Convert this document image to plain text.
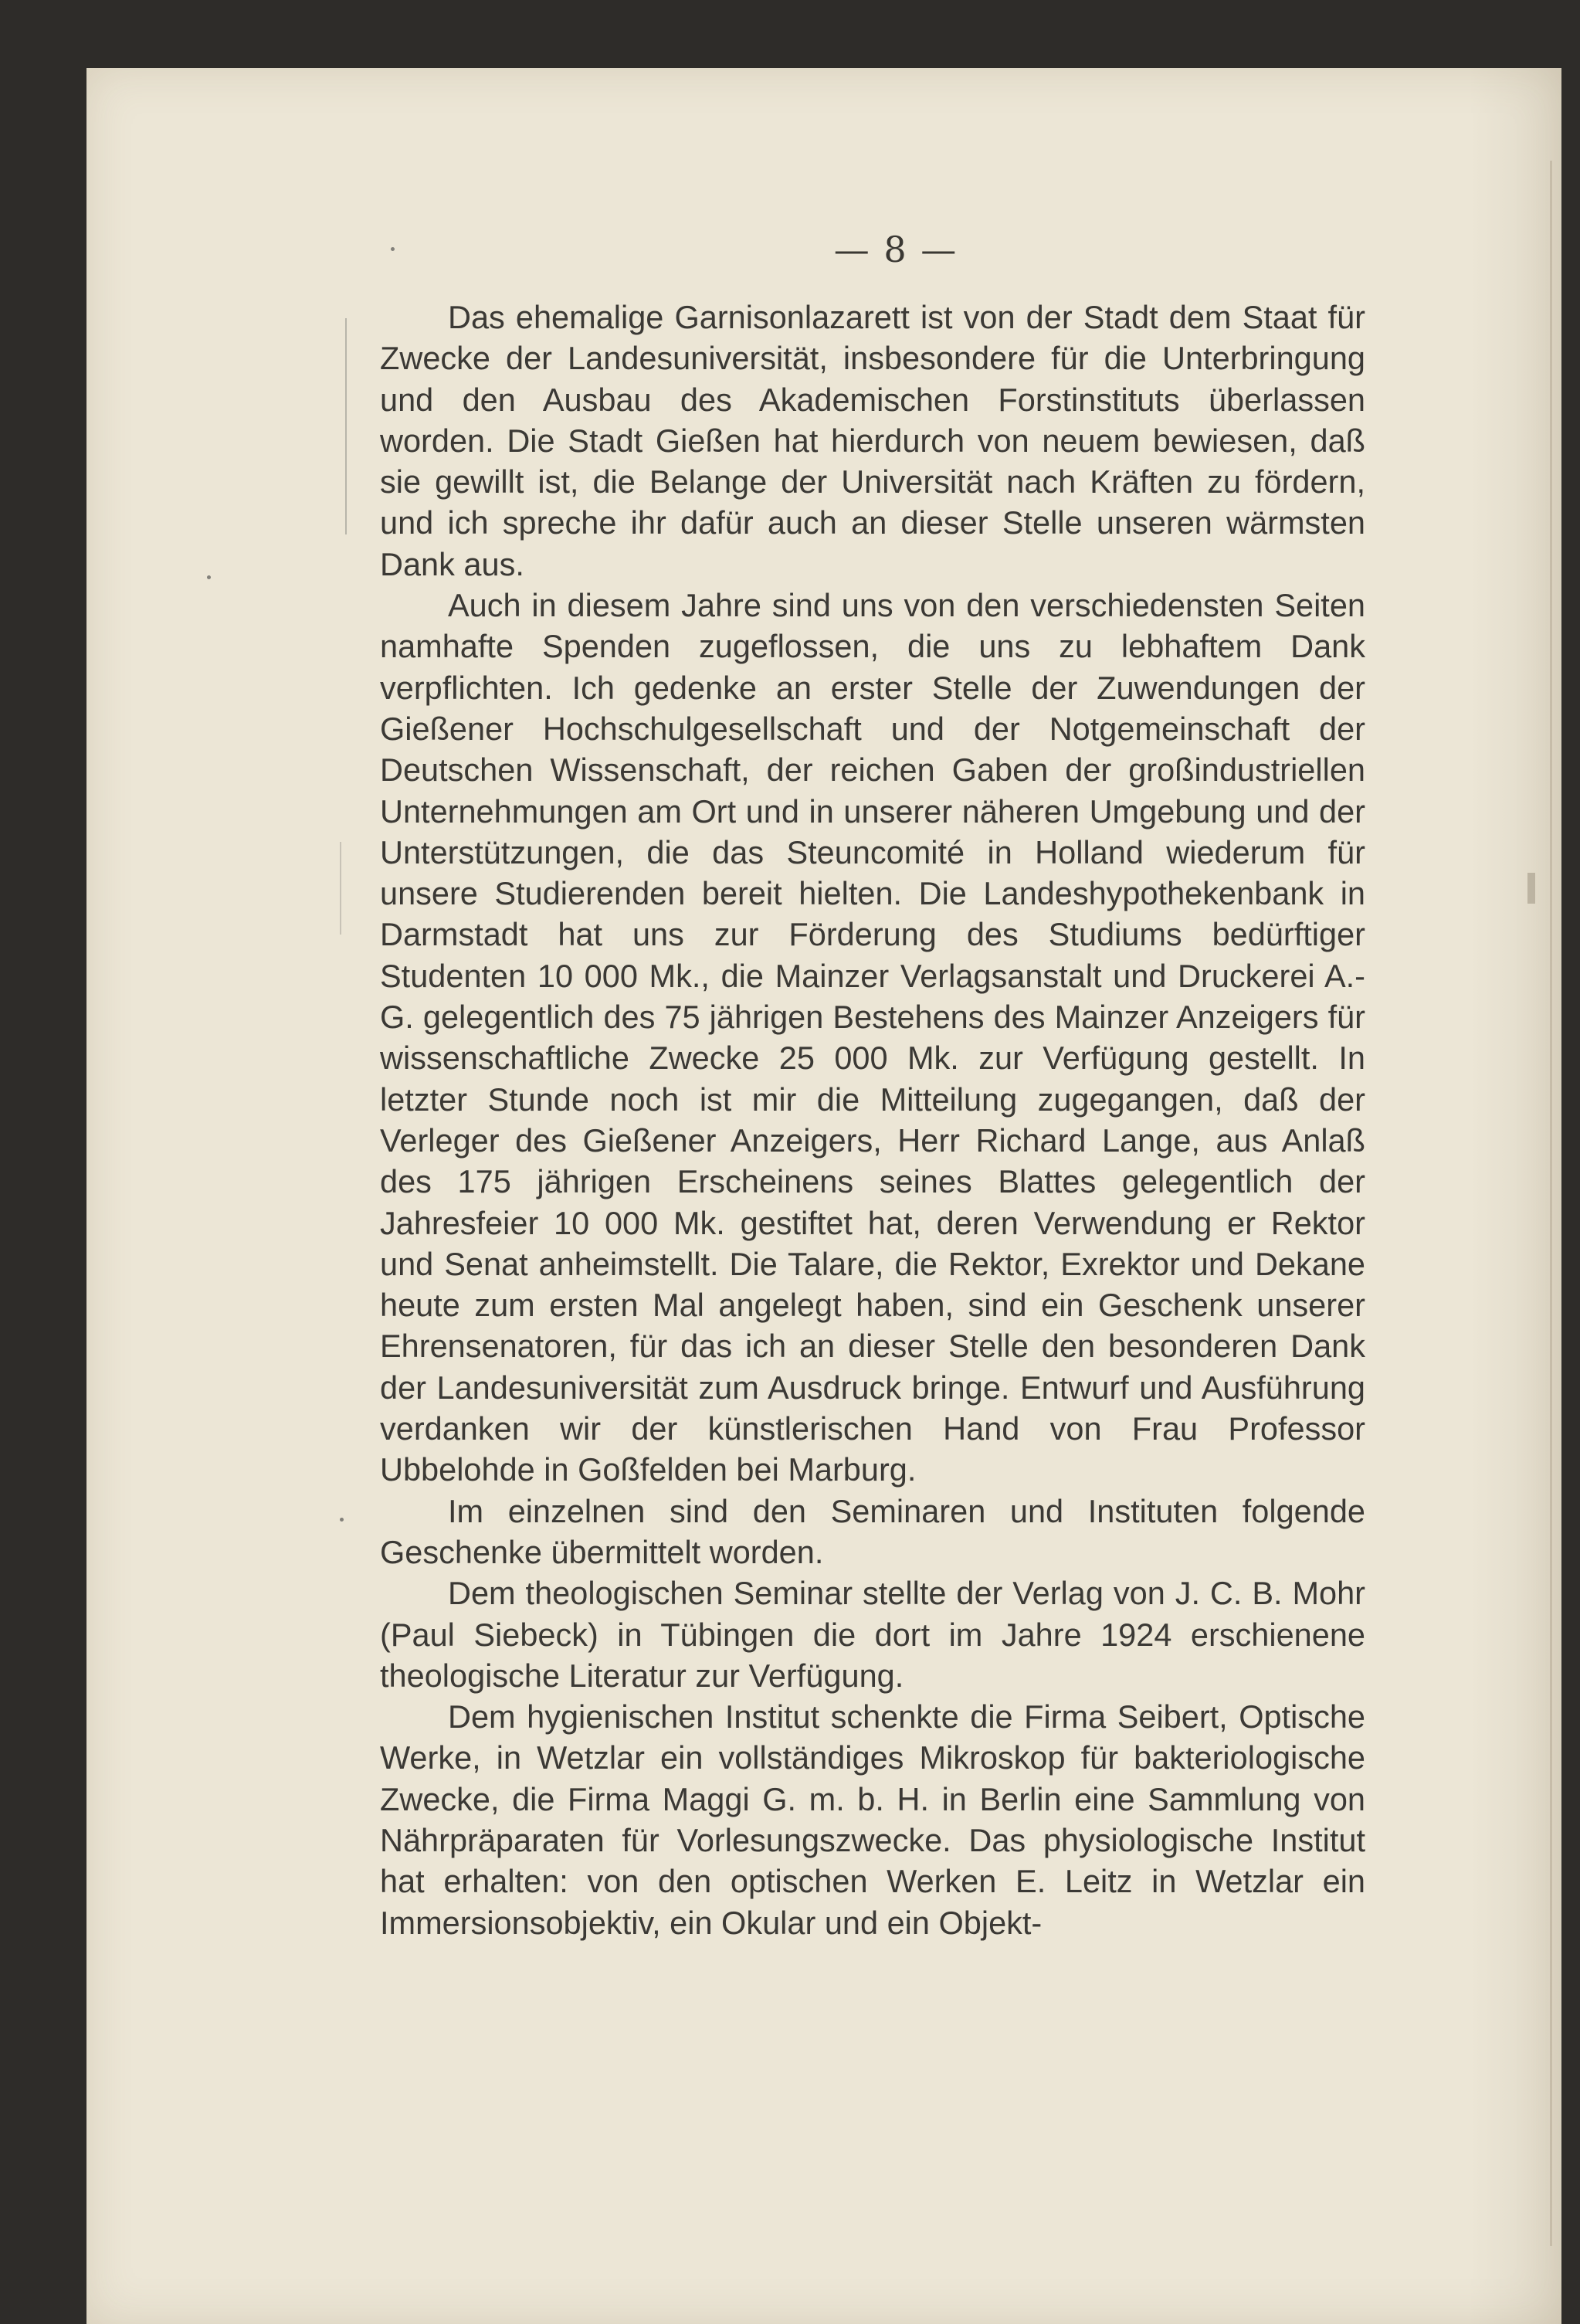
— 8 —

Das ehemalige Garnisonlazarett ist von der Stadt dem Staat für Zwecke der Landesuniversität, insbesondere für die Unterbringung und den Ausbau des Akademischen Forstinstituts überlassen worden. Die Stadt Gießen hat hierdurch von neuem bewiesen, daß sie gewillt ist, die Belange der Universität nach Kräften zu fördern, und ich spreche ihr dafür auch an dieser Stelle unseren wärmsten Dank aus.

Auch in diesem Jahre sind uns von den verschiedensten Seiten namhafte Spenden zugeflossen, die uns zu lebhaftem Dank verpflichten. Ich gedenke an erster Stelle der Zuwendungen der Gießener Hochschulgesellschaft und der Notgemeinschaft der Deutschen Wissenschaft, der reichen Gaben der großindustriellen Unternehmungen am Ort und in unserer näheren Umgebung und der Unterstützungen, die das Steuncomité in Holland wiederum für unsere Studierenden bereit hielten. Die Landeshypothekenbank in Darmstadt hat uns zur Förderung des Studiums bedürftiger Studenten 10 000 Mk., die Mainzer Verlagsanstalt und Druckerei A.-G. gelegentlich des 75 jährigen Bestehens des Mainzer Anzeigers für wissenschaftliche Zwecke 25 000 Mk. zur Verfügung gestellt. In letzter Stunde noch ist mir die Mitteilung zugegangen, daß der Verleger des Gießener Anzeigers, Herr Richard Lange, aus Anlaß des 175 jährigen Erscheinens seines Blattes gelegentlich der Jahresfeier 10 000 Mk. gestiftet hat, deren Verwendung er Rektor und Senat anheimstellt. Die Talare, die Rektor, Exrektor und Dekane heute zum ersten Mal angelegt haben, sind ein Geschenk unserer Ehrensenatoren, für das ich an dieser Stelle den besonderen Dank der Landesuniversität zum Ausdruck bringe. Entwurf und Ausführung verdanken wir der künstlerischen Hand von Frau Professor Ubbelohde in Goßfelden bei Marburg.

Im einzelnen sind den Seminaren und Instituten folgende Geschenke übermittelt worden.

Dem theologischen Seminar stellte der Verlag von J. C. B. Mohr (Paul Siebeck) in Tübingen die dort im Jahre 1924 erschienene theologische Literatur zur Verfügung.

Dem hygienischen Institut schenkte die Firma Seibert, Optische Werke, in Wetzlar ein vollständiges Mikroskop für bakteriologische Zwecke, die Firma Maggi G. m. b. H. in Berlin eine Sammlung von Nährpräparaten für Vorlesungszwecke. Das physiologische Institut hat erhalten: von den optischen Werken E. Leitz in Wetzlar ein Immersionsobjektiv, ein Okular und ein Objekt-
